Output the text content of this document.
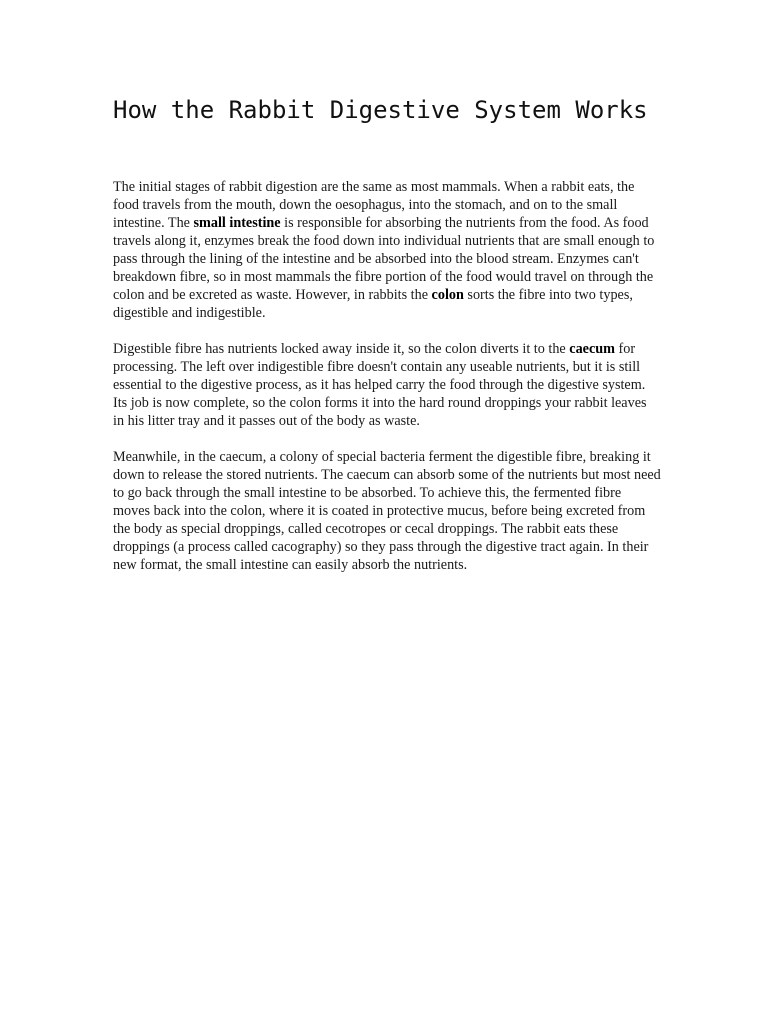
How the Rabbit Digestive System Works

The initial stages of rabbit digestion are the same as most mammals. When a rabbit eats, the food travels from the mouth, down the oesophagus, into the stomach, and on to the small intestine. The small intestine is responsible for absorbing the nutrients from the food. As food travels along it, enzymes break the food down into individual nutrients that are small enough to pass through the lining of the intestine and be absorbed into the blood stream. Enzymes can't breakdown fibre, so in most mammals the fibre portion of the food would travel on through the colon and be excreted as waste. However, in rabbits the colon sorts the fibre into two types, digestible and indigestible.

Digestible fibre has nutrients locked away inside it, so the colon diverts it to the caecum for processing. The left over indigestible fibre doesn't contain any useable nutrients, but it is still essential to the digestive process, as it has helped carry the food through the digestive system. Its job is now complete, so the colon forms it into the hard round droppings your rabbit leaves in his litter tray and it passes out of the body as waste.

Meanwhile, in the caecum, a colony of special bacteria ferment the digestible fibre, breaking it down to release the stored nutrients. The caecum can absorb some of the nutrients but most need to go back through the small intestine to be absorbed. To achieve this, the fermented fibre moves back into the colon, where it is coated in protective mucus, before being excreted from the body as special droppings, called cecotropes or cecal droppings. The rabbit eats these droppings (a process called cacography) so they pass through the digestive tract again. In their new format, the small intestine can easily absorb the nutrients.
